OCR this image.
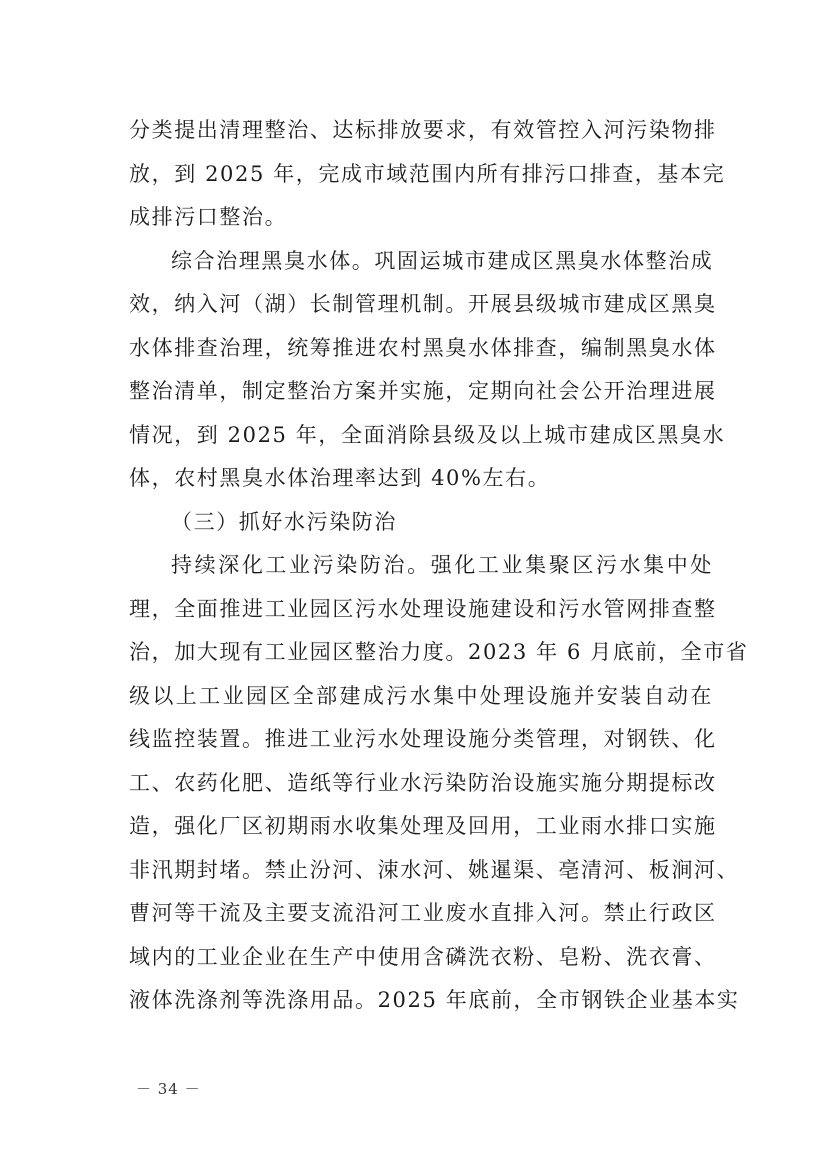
分类提出清理整治、达标排放要求，有效管控入河污染物排
放，到 2025 年，完成市域范围内所有排污口排查，基本完
成排污口整治。
综合治理黑臭水体。巩固运城市建成区黑臭水体整治成
效，纳入河（湖）长制管理机制。开展县级城市建成区黑臭
水体排查治理，统筹推进农村黑臭水体排查，编制黑臭水体
整治清单，制定整治方案并实施，定期向社会公开治理进展
情况，到 2025 年，全面消除县级及以上城市建成区黑臭水
体，农村黑臭水体治理率达到 40%左右。
（三）抓好水污染防治
持续深化工业污染防治。强化工业集聚区污水集中处
理，全面推进工业园区污水处理设施建设和污水管网排查整
治，加大现有工业园区整治力度。2023 年 6 月底前，全市省
级以上工业园区全部建成污水集中处理设施并安装自动在
线监控装置。推进工业污水处理设施分类管理，对钢铁、化
工、农药化肥、造纸等行业水污染防治设施实施分期提标改
造，强化厂区初期雨水收集处理及回用，工业雨水排口实施
非汛期封堵。禁止汾河、涑水河、姚暹渠、亳清河、板涧河、
曹河等干流及主要支流沿河工业废水直排入河。禁止行政区
域内的工业企业在生产中使用含磷洗衣粉、皂粉、洗衣膏、
液体洗涤剂等洗涤用品。2025 年底前，全市钢铁企业基本实
－ 34 －
